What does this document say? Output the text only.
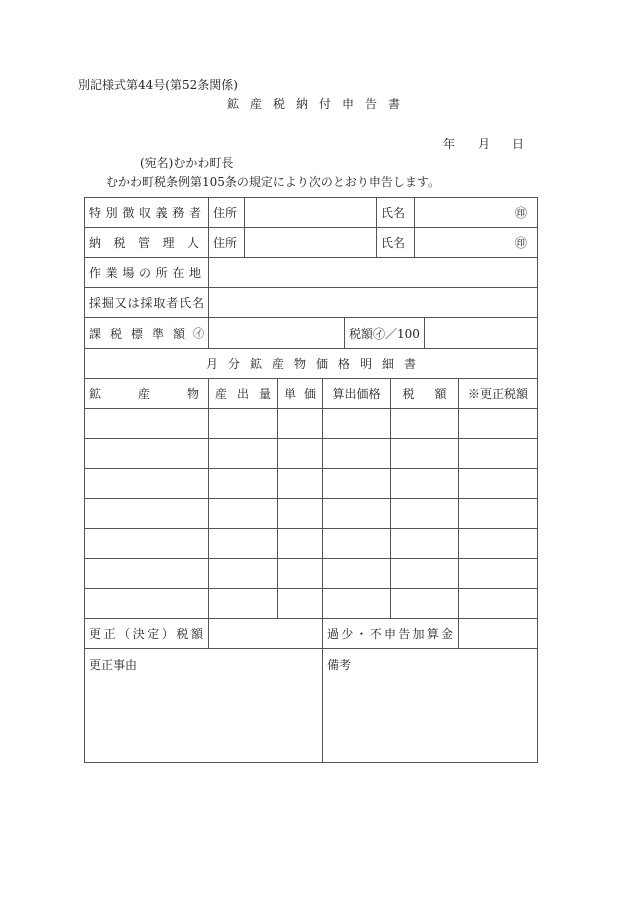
別記様式第44号(第52条関係)
鉱産税納付申告書
年 月 日
(宛名)むかわ町長
むかわ町税条例第105条の規定により次のとおり申告します。
特別徴収義務者 住所	氏名	㊞
納税管理人 住所	氏名	㊞
作業場の所在地
採掘又は採取者氏名
課税標準額 ㋑	税額㋑／100
月分鉱産物価格明細書
鉱産物 産出量 単価 算出価格 税額 ※更正税額
更正（決定）税額	過少・不申告加算金
更正事由	備考
